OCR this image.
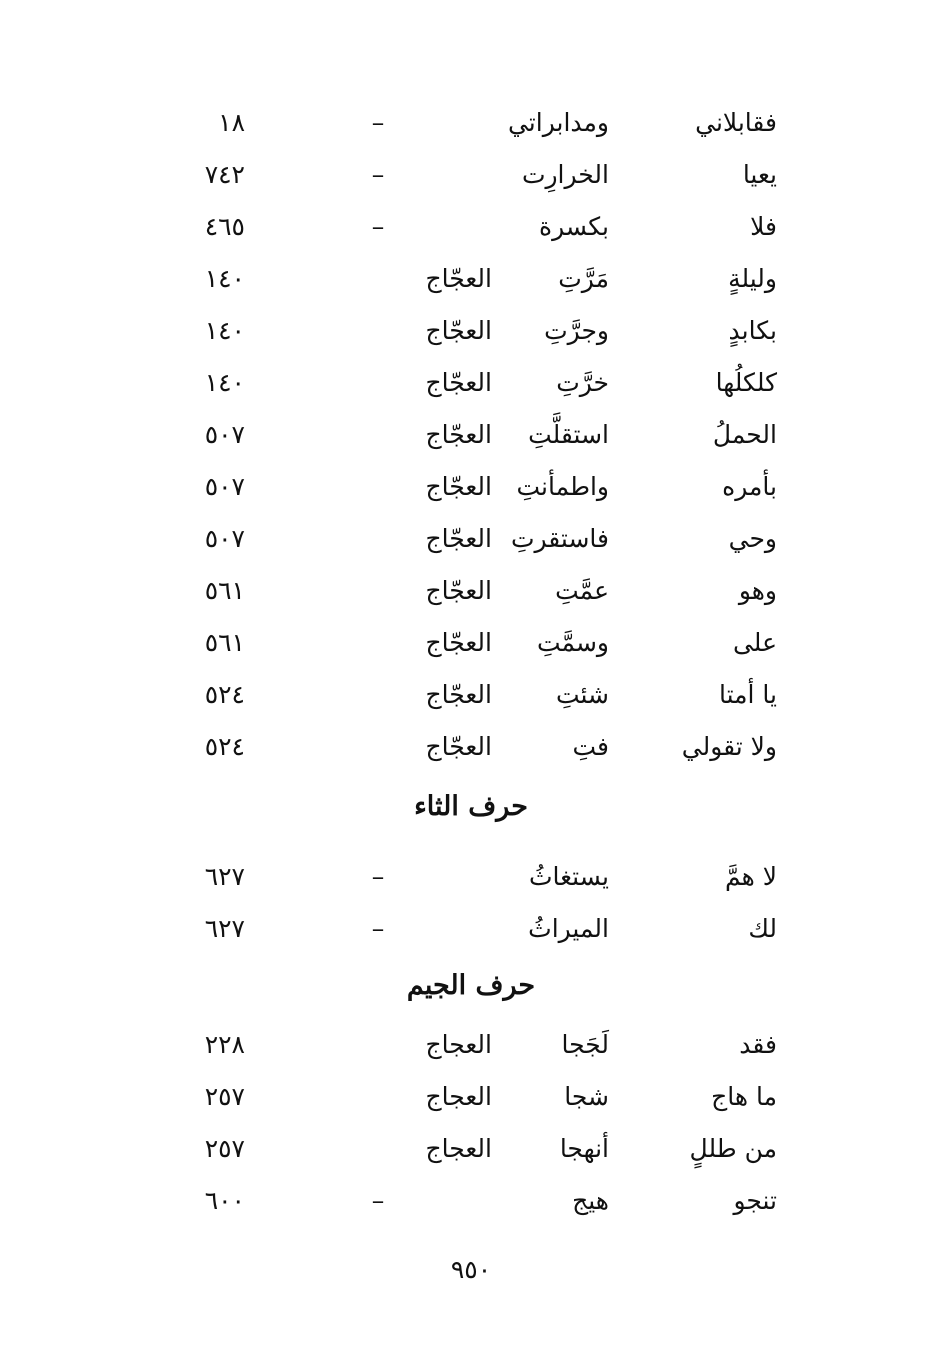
فقابلاني
ومدابراتي
–
١٨
يعيا
الخرارِت
–
٧٤٢
فلا
بكسرة
–
٤٦٥
وليلةٍ
مَرَّتِ
العجّاج
١٤٠
بكابدٍ
وجرَّتِ
العجّاج
١٤٠
كلكلُها
خرَّتِ
العجّاج
١٤٠
الحملُ
استقلَّتِ
العجّاج
٥٠٧
بأمره
واطمأنتِ
العجّاج
٥٠٧
وحي
فاستقرتِ
العجّاج
٥٠٧
وهو
عمَّتِ
العجّاج
٥٦١
على
وسمَّتِ
العجّاج
٥٦١
يا أمتا
شئتِ
العجّاج
٥٢٤
ولا تقولي
فتِ
العجّاج
٥٢٤
حرف الثاء
لا همَّ
يستغاثُ
–
٦٢٧
لك
الميراثُ
–
٦٢٧
حرف الجيم
فقد
لَجَجا
العجاج
٢٢٨
ما هاج
شجا
العجاج
٢٥٧
من طللٍ
أنهجا
العجاج
٢٥٧
تنجو
هيج
–
٦٠٠
٩٥٠
